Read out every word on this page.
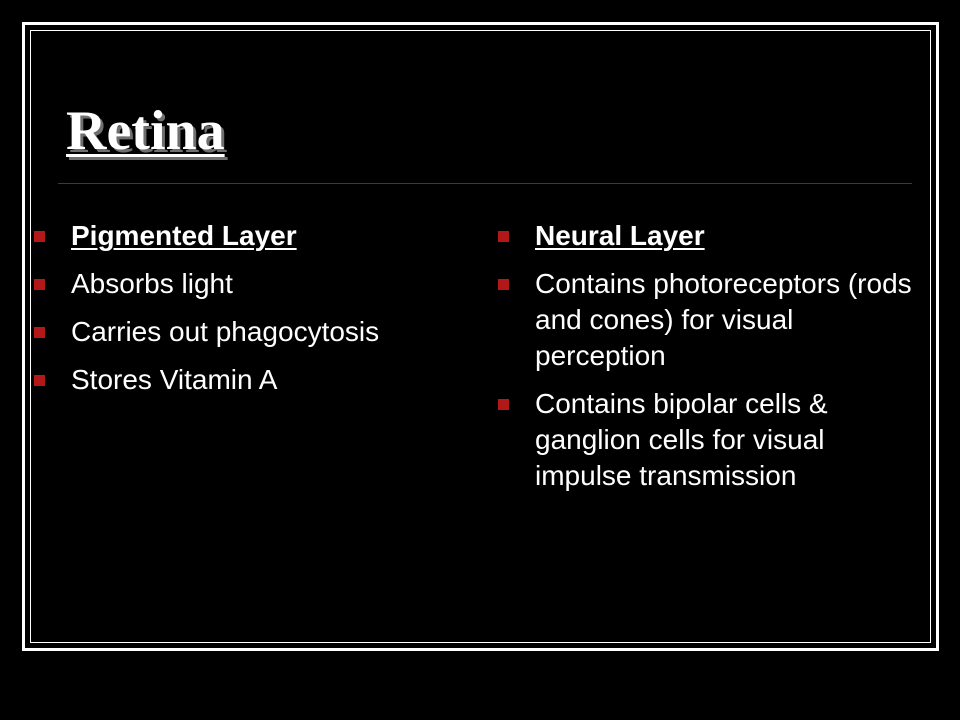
Retina
Pigmented Layer
Absorbs light
Carries out phagocytosis
Stores Vitamin A
Neural Layer
Contains photoreceptors (rods and cones) for visual perception
Contains bipolar cells & ganglion cells for visual impulse transmission
